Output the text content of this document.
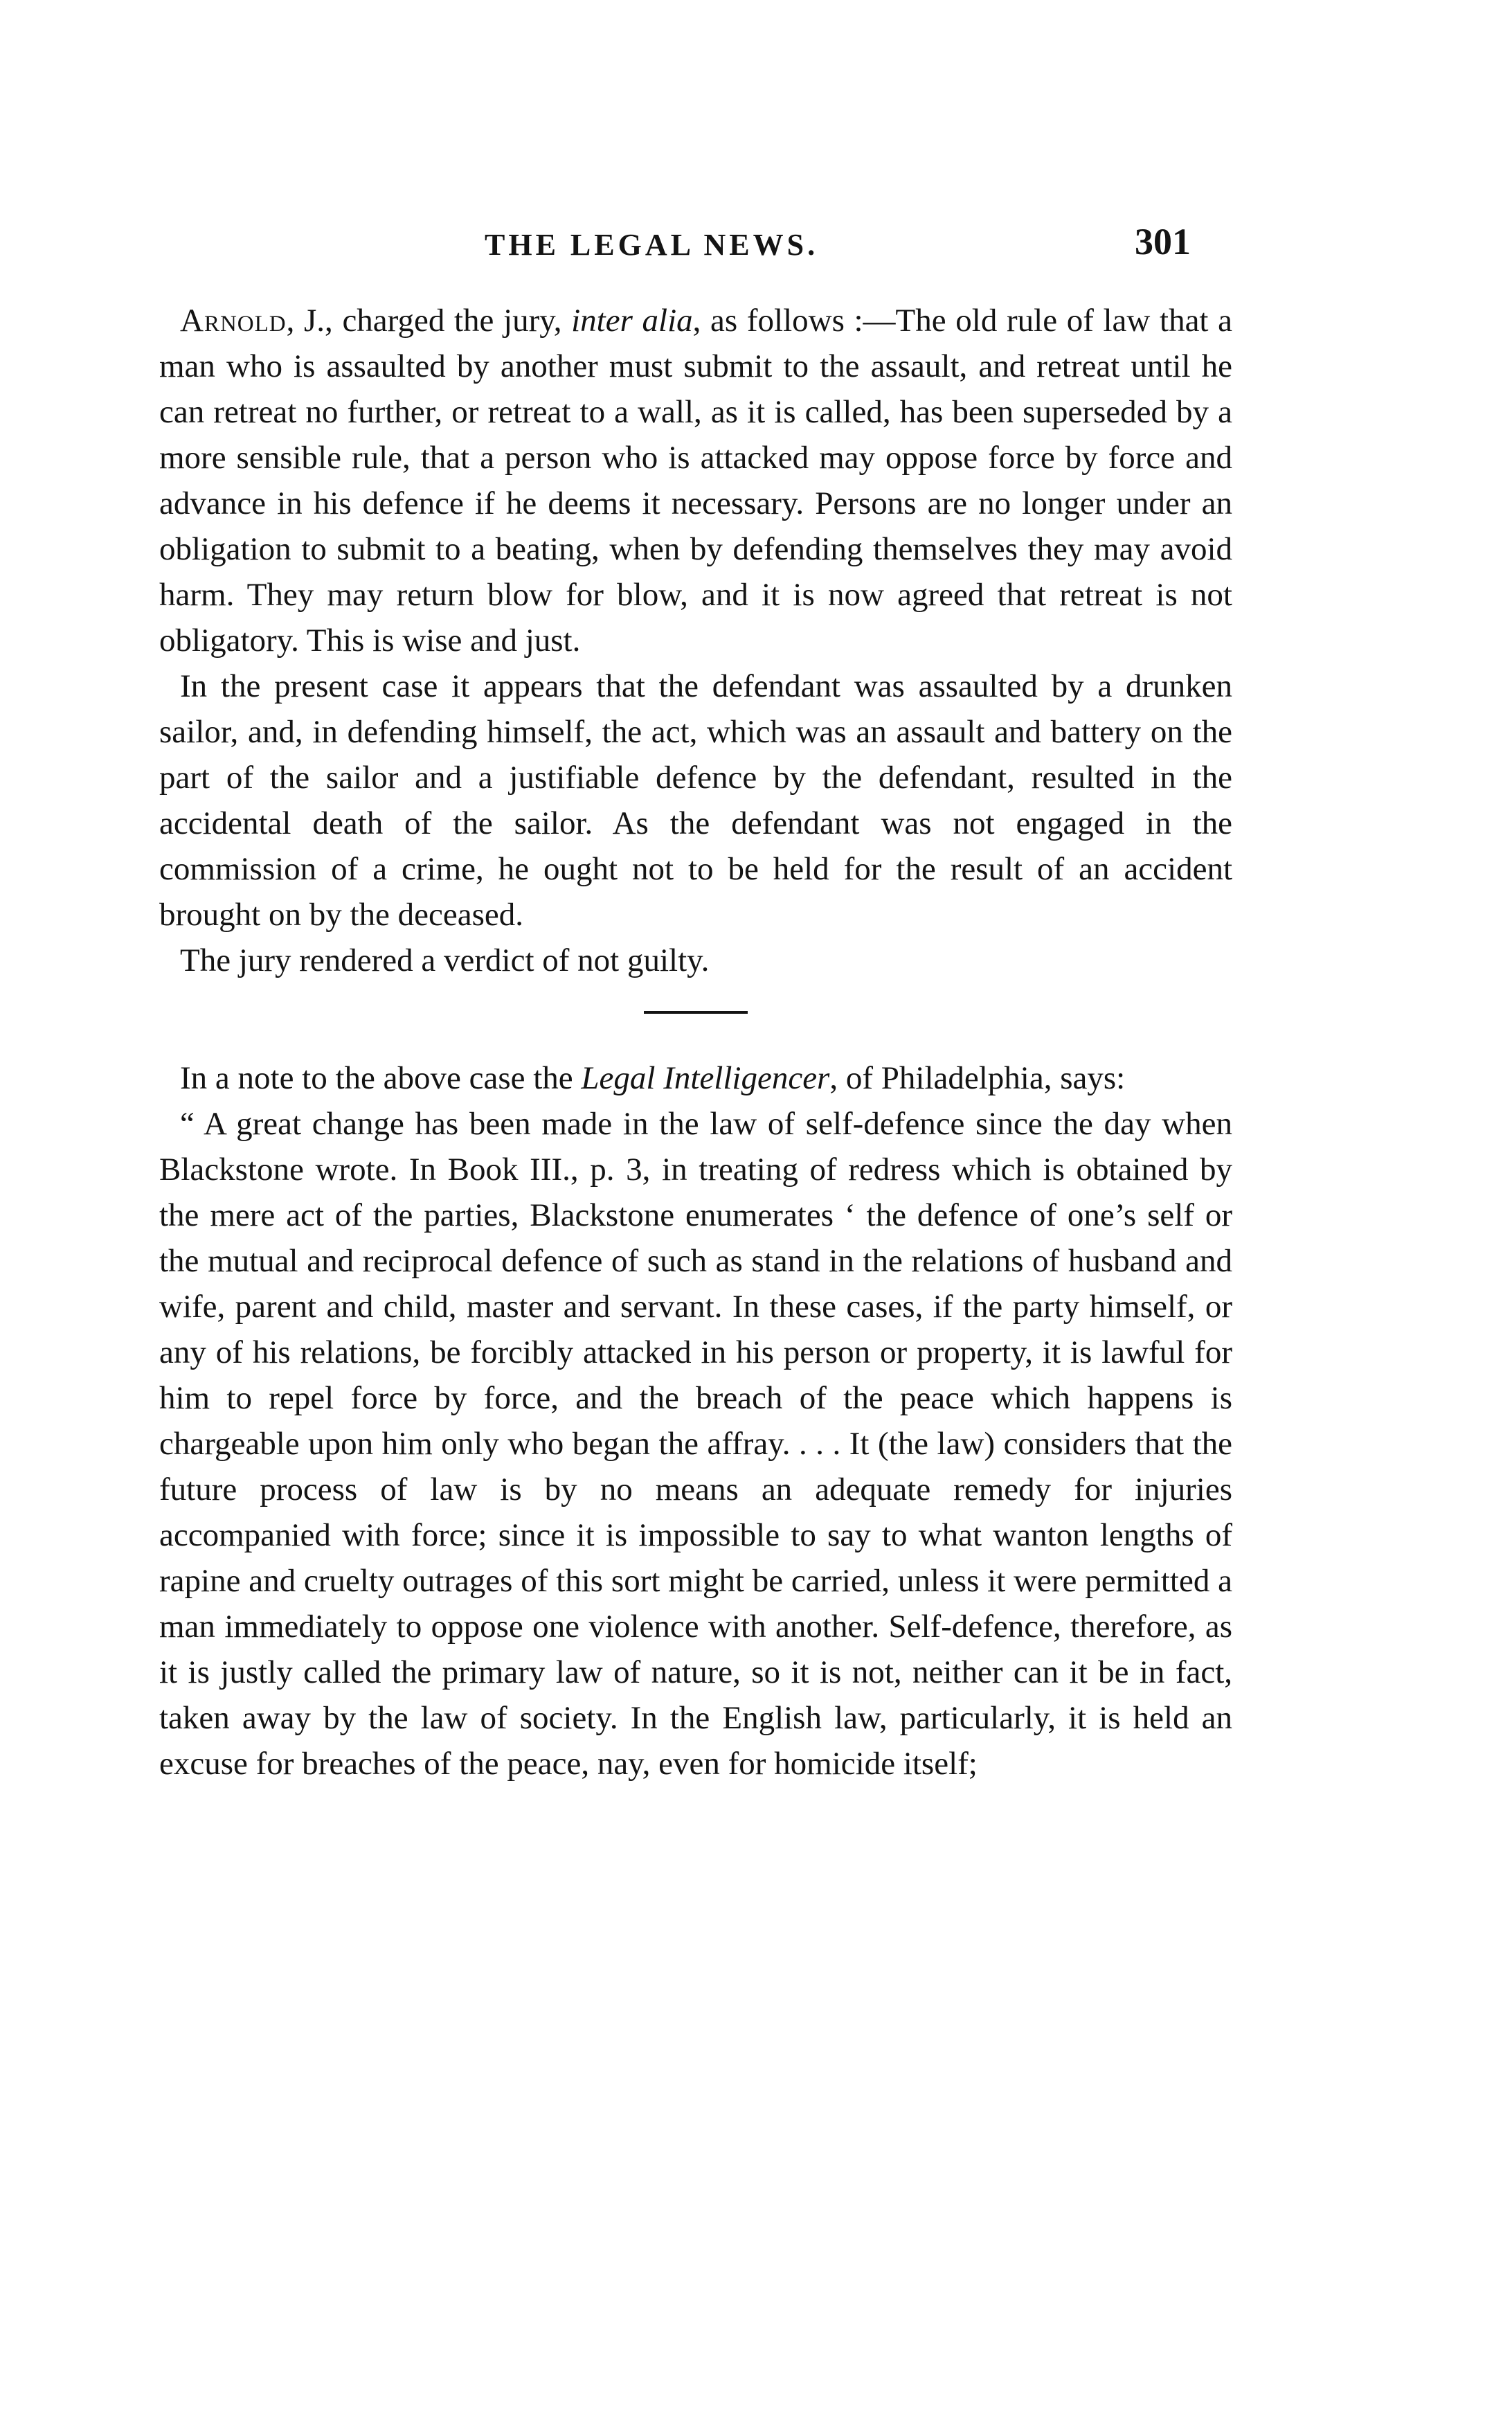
THE LEGAL NEWS.	301

Arnold, J., charged the jury, inter alia, as follows :—The old rule of law that a man who is assaulted by another must submit to the assault, and retreat until he can retreat no further, or retreat to a wall, as it is called, has been superseded by a more sensible rule, that a person who is attacked may oppose force by force and advance in his defence if he deems it necessary. Persons are no longer under an obligation to submit to a beating, when by defending themselves they may avoid harm. They may return blow for blow, and it is now agreed that retreat is not obligatory. This is wise and just.

In the present case it appears that the defendant was assaulted by a drunken sailor, and, in defending himself, the act, which was an assault and battery on the part of the sailor and a justifiable defence by the defendant, resulted in the accidental death of the sailor. As the defendant was not engaged in the commission of a crime, he ought not to be held for the result of an accident brought on by the deceased.

The jury rendered a verdict of not guilty.

In a note to the above case the Legal Intelligencer, of Philadelphia, says:

“ A great change has been made in the law of self-defence since the day when Blackstone wrote. In Book III., p. 3, in treating of redress which is obtained by the mere act of the parties, Blackstone enumerates ‘ the defence of one’s self or the mutual and reciprocal defence of such as stand in the relations of husband and wife, parent and child, master and servant. In these cases, if the party himself, or any of his relations, be forcibly attacked in his person or property, it is lawful for him to repel force by force, and the breach of the peace which happens is chargeable upon him only who began the affray. . . . It (the law) considers that the future process of law is by no means an adequate remedy for injuries accompanied with force; since it is impossible to say to what wanton lengths of rapine and cruelty outrages of this sort might be carried, unless it were permitted a man immediately to oppose one violence with another. Self-defence, therefore, as it is justly called the primary law of nature, so it is not, neither can it be in fact, taken away by the law of society. In the English law, particularly, it is held an excuse for breaches of the peace, nay, even for homicide itself;
